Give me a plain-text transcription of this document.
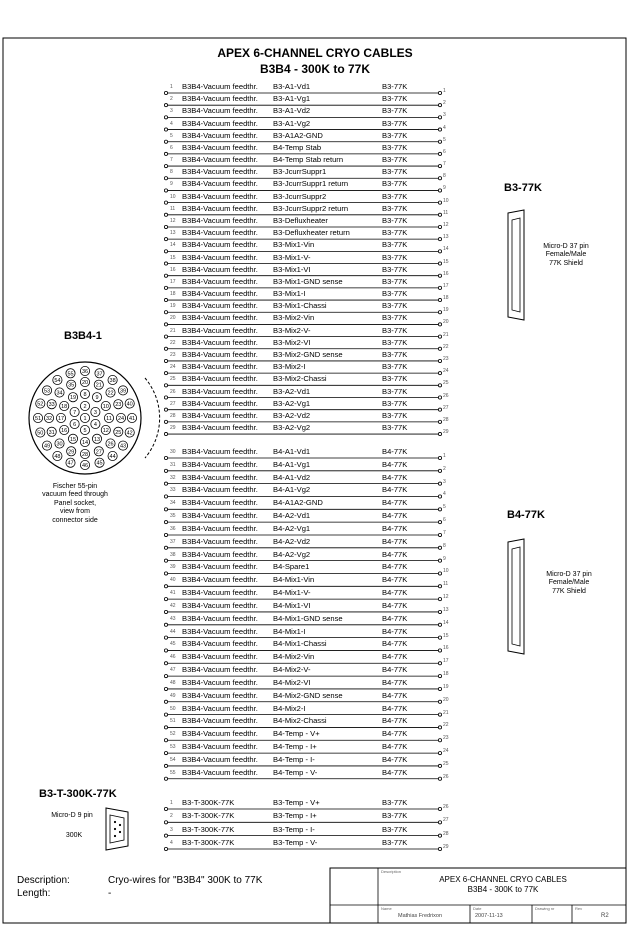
1
2
3
4
5
6
7
8
9
10
11
12
13
14
15
16
17
18
19
20 21
22
23
24
25
26
27
28
29
30
31
32
33
34
35
36 37
38
39
40
41
42
43
44
45
46
47
48
49
50
51
52
53
54
55
APEX 6-CHANNEL CRYO CABLES
B3B4 - 300K to 77K
B3B4-1
Fischer 55-pin
vacuum feed through
Panel socket,
view from
connector side
B3-77K
Micro-D 37 pin
Female/Male
77K Shield
B4-77K
Micro-D 37 pin
Female/Male
77K Shield
B3-T-300K-77K
Micro-D 9 pin
300K
1 B3B4-Vacuum feedthr. B3-A1-Vd1	B3-77K	1
2 B3B4-Vacuum feedthr. B3-A1-Vg1	B3-77K	2
3 B3B4-Vacuum feedthr. B3-A1-Vd2	B3-77K	3
4 B3B4-Vacuum feedthr. B3-A1-Vg2	B3-77K	4
5 B3B4-Vacuum feedthr. B3-A1A2-GND	B3-77K	5
6 B3B4-Vacuum feedthr. B4-Temp Stab	B3-77K	6
7 B3B4-Vacuum feedthr. B4-Temp Stab return	B3-77K	7
8 B3B4-Vacuum feedthr. B3-JcurrSuppr1	B3-77K	8
9 B3B4-Vacuum feedthr. B3-JcurrSuppr1 return	B3-77K	9
10 B3B4-Vacuum feedthr. B3-JcurrSuppr2	B3-77K	10
11 B3B4-Vacuum feedthr. B3-JcurrSuppr2 return	B3-77K	11
12 B3B4-Vacuum feedthr. B3-Defluxheater	B3-77K	12
13 B3B4-Vacuum feedthr. B3-Defluxheater return	B3-77K	13
14 B3B4-Vacuum feedthr. B3-Mix1-Vin	B3-77K	14
15 B3B4-Vacuum feedthr. B3-Mix1-V-	B3-77K	15
16 B3B4-Vacuum feedthr. B3-Mix1-VI	B3-77K	16
17 B3B4-Vacuum feedthr. B3-Mix1-GND sense	B3-77K	17
18 B3B4-Vacuum feedthr. B3-Mix1-I	B3-77K	18
19 B3B4-Vacuum feedthr. B3-Mix1-Chassi	B3-77K	19
20 B3B4-Vacuum feedthr. B3-Mix2-Vin	B3-77K	20
21 B3B4-Vacuum feedthr. B3-Mix2-V-	B3-77K	21
22 B3B4-Vacuum feedthr. B3-Mix2-VI	B3-77K	22
23 B3B4-Vacuum feedthr. B3-Mix2-GND sense	B3-77K	23
24 B3B4-Vacuum feedthr. B3-Mix2-I	B3-77K	24
25 B3B4-Vacuum feedthr. B3-Mix2-Chassi	B3-77K	25
26 B3B4-Vacuum feedthr. B3-A2-Vd1	B3-77K	26
27 B3B4-Vacuum feedthr. B3-A2-Vg1	B3-77K	27
28 B3B4-Vacuum feedthr. B3-A2-Vd2	B3-77K	28
29 B3B4-Vacuum feedthr. B3-A2-Vg2	B3-77K	29
30 B3B4-Vacuum feedthr. B4-A1-Vd1	B4-77K	1
31 B3B4-Vacuum feedthr. B4-A1-Vg1	B4-77K	2
32 B3B4-Vacuum feedthr. B4-A1-Vd2	B4-77K	3
33 B3B4-Vacuum feedthr. B4-A1-Vg2	B4-77K	4
34 B3B4-Vacuum feedthr. B4-A1A2-GND	B4-77K	5
35 B3B4-Vacuum feedthr. B4-A2-Vd1	B4-77K	6
36 B3B4-Vacuum feedthr. B4-A2-Vg1	B4-77K	7
37 B3B4-Vacuum feedthr. B4-A2-Vd2	B4-77K	8
38 B3B4-Vacuum feedthr. B4-A2-Vg2	B4-77K	9
39 B3B4-Vacuum feedthr. B4-Spare1	B4-77K	10
40 B3B4-Vacuum feedthr. B4-Mix1-Vin	B4-77K	11
41 B3B4-Vacuum feedthr. B4-Mix1-V-	B4-77K	12
42 B3B4-Vacuum feedthr. B4-Mix1-VI	B4-77K	13
43 B3B4-Vacuum feedthr. B4-Mix1-GND sense	B4-77K	14
44 B3B4-Vacuum feedthr. B4-Mix1-I	B4-77K	15
45 B3B4-Vacuum feedthr. B4-Mix1-Chassi	B4-77K	16
46 B3B4-Vacuum feedthr. B4-Mix2-Vin	B4-77K	17
47 B3B4-Vacuum feedthr. B4-Mix2-V-	B4-77K	18
48 B3B4-Vacuum feedthr. B4-Mix2-VI	B4-77K	19
49 B3B4-Vacuum feedthr. B4-Mix2-GND sense	B4-77K	20
50 B3B4-Vacuum feedthr. B4-Mix2-I	B4-77K	21
51 B3B4-Vacuum feedthr. B4-Mix2-Chassi	B4-77K	22
52 B3B4-Vacuum feedthr. B4-Temp - V+	B4-77K	23
53 B3B4-Vacuum feedthr. B4-Temp - I+	B4-77K	24
54 B3B4-Vacuum feedthr. B4-Temp - I-	B4-77K	25
55 B3B4-Vacuum feedthr. B4-Temp - V-	B4-77K	26
1 B3-T-300K-77K	B3-Temp - V+	B3-77K	26
2 B3-T-300K-77K	B3-Temp - I+	B3-77K	27
3 B3-T-300K-77K	B3-Temp - I-	B3-77K	28
4 B3-T-300K-77K	B3-Temp - V-	B3-77K	29
Description:	Cryo-wires for "B3B4" 300K to 77K
Length:	-
Description
APEX 6-CHANNEL CRYO CABLES
B3B4 - 300K to 77K
Name
Mathias Fredrixon
Date
2007-11-13
Drawing nr	Rev
R2
